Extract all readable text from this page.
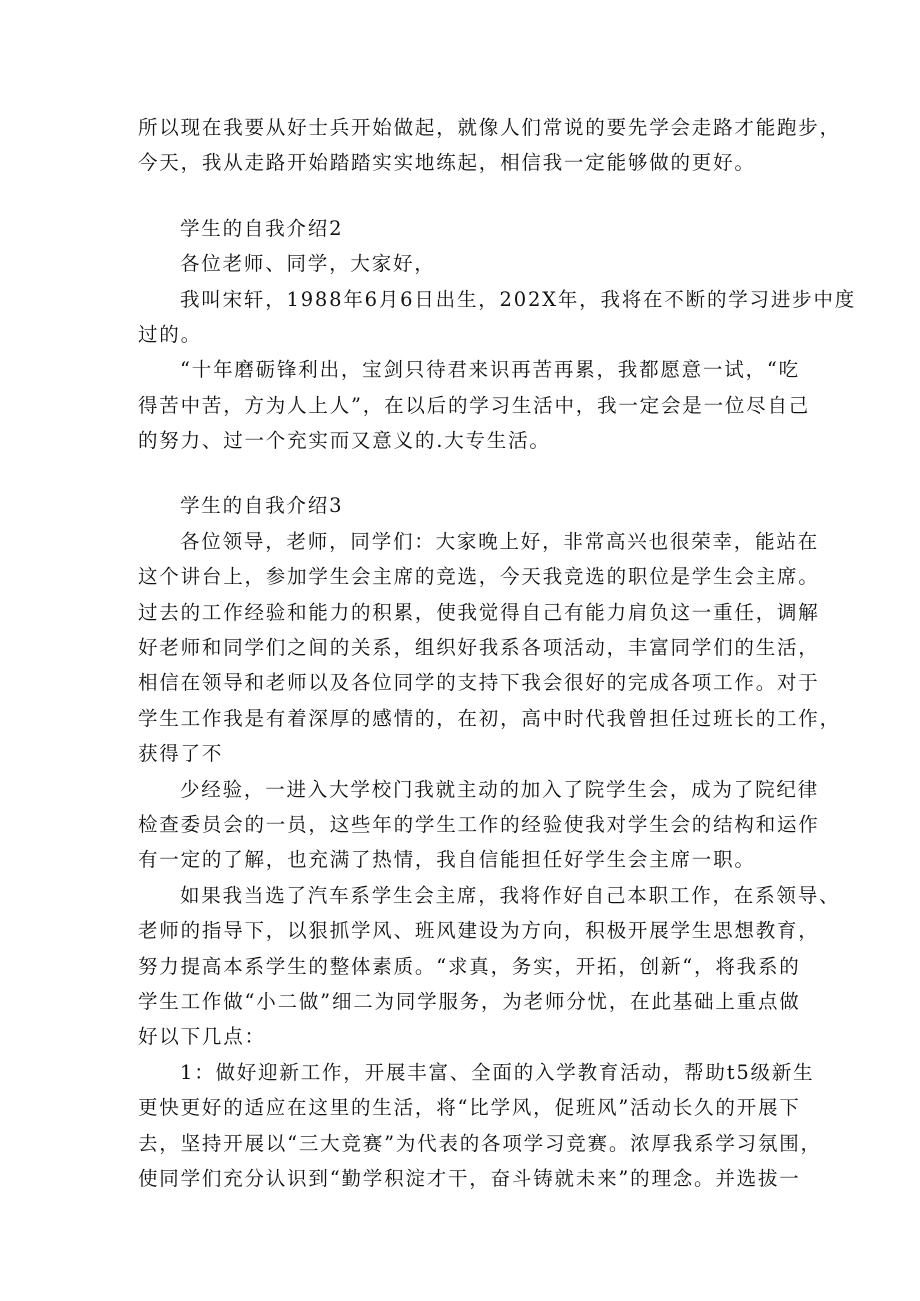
所以现在我要从好士兵开始做起，就像人们常说的要先学会走路才能跑步，
今天，我从走路开始踏踏实实地练起，相信我一定能够做的更好。
学生的自我介绍2
各位老师、同学，大家好，
我叫宋轩，1988年6月6日出生，202X年，我将在不断的学习进步中度
过的。
“十年磨砺锋利出，宝剑只待君来识再苦再累，我都愿意一试，“吃
得苦中苦，方为人上人”，在以后的学习生活中，我一定会是一位尽自己
的努力、过一个充实而又意义的.大专生活。
学生的自我介绍3
各位领导，老师，同学们：大家晚上好，非常高兴也很荣幸，能站在
这个讲台上，参加学生会主席的竞选，今天我竞选的职位是学生会主席。
过去的工作经验和能力的积累，使我觉得自己有能力肩负这一重任，调解
好老师和同学们之间的关系，组织好我系各项活动，丰富同学们的生活，
相信在领导和老师以及各位同学的支持下我会很好的完成各项工作。对于
学生工作我是有着深厚的感情的，在初，高中时代我曾担任过班长的工作，
获得了不
少经验，一进入大学校门我就主动的加入了院学生会，成为了院纪律
检查委员会的一员，这些年的学生工作的经验使我对学生会的结构和运作
有一定的了解，也充满了热情，我自信能担任好学生会主席一职。
如果我当选了汽车系学生会主席，我将作好自己本职工作，在系领导、
老师的指导下，以狠抓学风、班风建设为方向，积极开展学生思想教育，
努力提高本系学生的整体素质。“求真，务实，开拓，创新“，将我系的
学生工作做“小二做”细二为同学服务，为老师分忧，在此基础上重点做
好以下几点：
1：做好迎新工作，开展丰富、全面的入学教育活动，帮助t5级新生
更快更好的适应在这里的生活，将“比学风，促班风”活动长久的开展下
去，坚持开展以“三大竞赛”为代表的各项学习竞赛。浓厚我系学习氛围，
使同学们充分认识到“勤学积淀才干，奋斗铸就未来”的理念。并选拔一
